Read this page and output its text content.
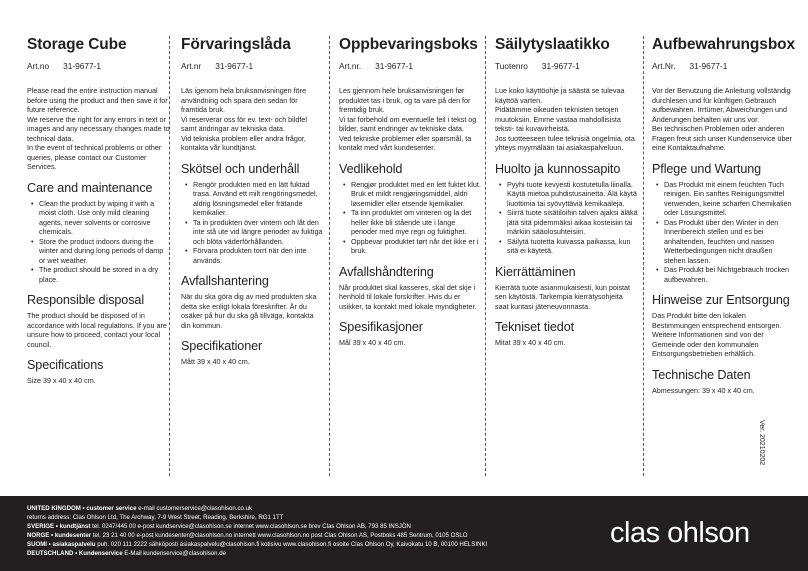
Storage Cube
Art.no 31-9677-1

Please read the entire instruction manual before using the product and then save it for future reference.

We reserve the right for any errors in text or images and any necessary changes made to technical data.

In the event of technical problems or other queries, please contact our Customer Services.

Care and maintenance
• Clean the product by wiping it with a moist cloth. Use only mild cleaning agents, never solvents or corrosive chemicals.
• Store the product indoors during the winter and during long periods of damp or wet weather.
• The product should be stored in a dry place.
Responsible disposal

The product should be disposed of in accordance with local regulations. If you are unsure how to proceed, contact your local council.

Specifications

Size 39 x 40 x 40 cm.

Förvaringslåda
Art.nr 31-9677-1

Läs igenom hela bruksanvisningen före användning och spara den sedan för framtida bruk.

Vi reserverar oss för ev. text- och bildfel samt ändringar av tekniska data.

Vid tekniska problem eller andra frågor, kontakta vår kundtjänst.

Skötsel och underhåll
• Rengör produkten med en lätt fuktad trasa. Använd ett milt rengöringsmedel, aldrig lösningsmedel eller frätande kemikalier.
• Ta in produkten över vintern och låt den inte stå ute vid längre perioder av fuktiga och blöta väderförhållanden.
• Förvara produkten torrt när den inte används.
Avfallshantering

När du ska göra dig av med produkten ska detta ske enligt lokala föreskrifter. Är du osäker på hur du ska gå tillväga, kontakta din kommun.

Specifikationer

Mått 39 x 40 x 40 cm.

Oppbevaringsboks
Art.nr. 31-9677-1

Les gjennom hele bruksanvisningen før produktet tas i bruk, og ta vare på den for fremtidig bruk.

Vi tar forbehold om eventuelle feil i tekst og bilder, samt endringer av tekniske data.

Ved tekniske problemer eller spørsmål, ta kontakt med vårt kundesenter.

Vedlikehold
• Rengjør produktet med en lett fuktet klut. Bruk et mildt rengjøringsmiddel, aldri løsemidler eller etsende kjemikalier.
• Ta inn produktet om vinteren og la det heller ikke bli stående ute i lange perioder med mye regn og fuktighet.
• Oppbevar produktet tørt når det ikke er i bruk.
Avfallshåndtering

Når produktet skal kasseres, skal det skje i henhold til lokale forskrifter. Hvis du er usikker, ta kontakt med lokale myndigheter.

Spesifikasjoner

Mål 39 x 40 x 40 cm.

Säilytyslaatikko
Tuotenro 31-9677-1

Lue koko käyttöohje ja säästä se tulevaa käyttöä varten.

Pidätämme oikeuden teknisten tietojen muutoksiin. Emme vastaa mahdollisista teksti- tai kuvavirheistä.

Jos tuotteeseen tulee teknisiä ongelmia, ota yhteys myymälään tai asiakaspalveluun.

Huolto ja kunnossapito
• Pyyhi tuote kevyesti kostutetulla liinalla. Käytä mietoa puhdistusainetta. Älä käytä liuottimia tai syövyttäviä kemikaaleja.
• Siirrä tuote sisätiloihin talven ajaksi äläkä jätä sitä pidemmäksi aikaa kosteisiin tai märkiin sääolosuhteisiin.
• Säilytä tuotetta kuivassa paikassa, kun sitä ei käytetä.
Kierrättäminen

Kierrätä tuote asianmukaisesti, kun poistat sen käytöstä. Tarkempia kierrätysohjeita saat kuntasi jäteneuvonnasta.

Tekniset tiedot

Mitat 39 x 40 x 40 cm.

Aufbewahrungsbox
Art.Nr. 31-9677-1

Vor der Benutzung die Anleitung vollständig durchlesen und für künftigen Gebrauch aufbewahren. Irrtümer, Abweichungen und Änderungen behalten wir uns vor.

Bei technischen Problemen oder anderen Fragen freut sich unser Kundenservice über eine Kontaktaufnahme.

Pflege und Wartung
• Das Produkt mit einem feuchten Tuch reinigen. Ein sanftes Reinigungsmittel verwenden, keine scharfen Chemikalien oder Lösungsmittel.
• Das Produkt über den Winter in den Innenbereich stellen und es bei anhaltenden, feuchten und nassen Wetterbedingungen nicht draußen stehen lassen.
• Das Produkt bei Nichtgebrauch trocken aufbewahren.
Hinweise zur Entsorgung

Das Produkt bitte den lokalen Bestimmungen entsprechend entsorgen. Weitere Informationen sind von der Gemeinde oder den kommunalen Entsorgungsbetrieben erhältlich.

Technische Daten

Abmessungen: 39 x 40 x 40 cm.

Ver. 20210202
UNITED KINGDOM • customer service e-mail customerservice@clasohlson.co.uk
returns address: Clas Ohlson Ltd, The Archway, 7-9 West Street, Reading, Berkshire, RG1 1TT
SVERIGE • kundtjänst tel. 0247/445 00 e-post kundservice@clasohlson.se internet www.clasohlson.se brev Clas Ohlson AB, 793 85 INSJÖN
NORGE • kundesenter tel. 23 21 40 00 e-post kundesenter@clasohlson.no internett www.clasohlson.no post Clas Ohlson AS, Postboks 485 Sentrum, 0105 OSLO
SUOMI • asiakaspalvelu puh. 020 111 2222 sähköposti asiakaspalvelu@clasohlson.fi kotisivu www.clasohlson.fi osoite Clas Ohlson Oy, Kaivokatu 10 B, 00100 HELSINKI
DEUTSCHLAND • Kundenservice E-Mail kundenservice@clasohlson.de
clas ohlson
